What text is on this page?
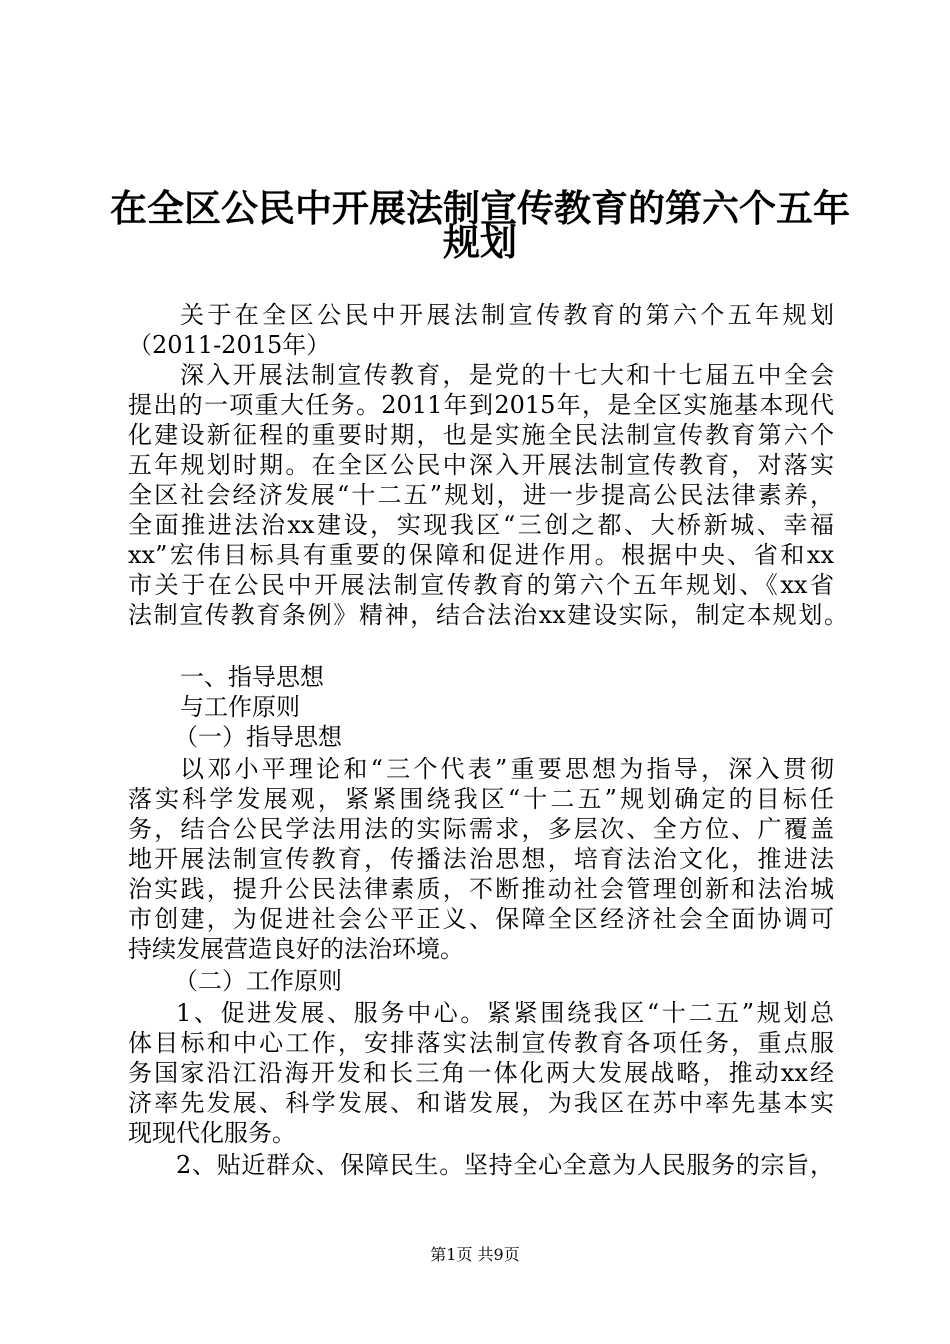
在全区公民中开展法制宣传教育的第六个五年
规划
关于在全区公民中开展法制宣传教育的第六个五年规划
（2011-2015年）
深入开展法制宣传教育，是党的十七大和十七届五中全会
提出的一项重大任务。2011年到2015年，是全区实施基本现代
化建设新征程的重要时期，也是实施全民法制宣传教育第六个
五年规划时期。在全区公民中深入开展法制宣传教育，对落实
全区社会经济发展“十二五”规划，进一步提高公民法律素养，
全面推进法治xx建设，实现我区“三创之都、大桥新城、幸福
xx”宏伟目标具有重要的保障和促进作用。根据中央、省和xx
市关于在公民中开展法制宣传教育的第六个五年规划、《xx省
法制宣传教育条例》精神，结合法治xx建设实际，制定本规划。
一、指导思想
与工作原则
（一）指导思想
以邓小平理论和“三个代表”重要思想为指导，深入贯彻
落实科学发展观，紧紧围绕我区“十二五”规划确定的目标任
务，结合公民学法用法的实际需求，多层次、全方位、广覆盖
地开展法制宣传教育，传播法治思想，培育法治文化，推进法
治实践，提升公民法律素质，不断推动社会管理创新和法治城
市创建，为促进社会公平正义、保障全区经济社会全面协调可
持续发展营造良好的法治环境。
（二）工作原则
1、促进发展、服务中心。紧紧围绕我区“十二五”规划总
体目标和中心工作，安排落实法制宣传教育各项任务，重点服
务国家沿江沿海开发和长三角一体化两大发展战略，推动xx经
济率先发展、科学发展、和谐发展，为我区在苏中率先基本实
现现代化服务。
2、贴近群众、保障民生。坚持全心全意为人民服务的宗旨，
第1页 共9页
